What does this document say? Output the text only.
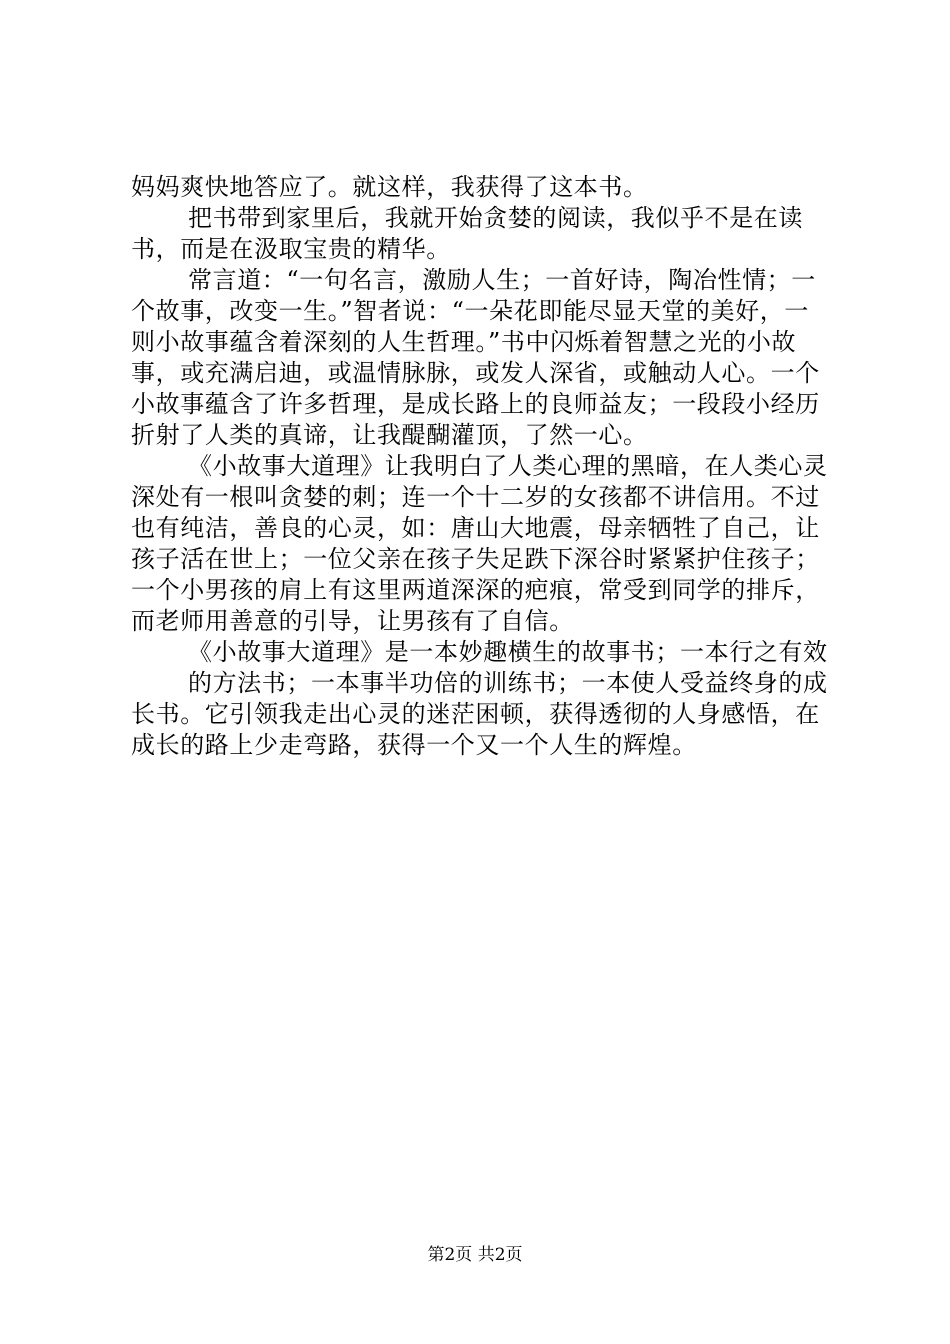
妈妈爽快地答应了。就这样，我获得了这本书。

把书带到家里后，我就开始贪婪的阅读，我似乎不是在读书，而是在汲取宝贵的精华。

常言道：“一句名言，激励人生；一首好诗，陶冶性情；一个故事，改变一生。”智者说：“一朵花即能尽显天堂的美好，一则小故事蕴含着深刻的人生哲理。”书中闪烁着智慧之光的小故事，或充满启迪，或温情脉脉，或发人深省，或触动人心。一个小故事蕴含了许多哲理，是成长路上的良师益友；一段段小经历折射了人类的真谛，让我醍醐灌顶，了然一心。

《小故事大道理》让我明白了人类心理的黑暗，在人类心灵深处有一根叫贪婪的刺；连一个十二岁的女孩都不讲信用。不过也有纯洁，善良的心灵，如：唐山大地震，母亲牺牲了自己，让孩子活在世上；一位父亲在孩子失足跌下深谷时紧紧护住孩子；一个小男孩的肩上有这里两道深深的疤痕，常受到同学的排斥，而老师用善意的引导，让男孩有了自信。

《小故事大道理》是一本妙趣横生的故事书；一本行之有效

的方法书；一本事半功倍的训练书；一本使人受益终身的成长书。它引领我走出心灵的迷茫困顿，获得透彻的人身感悟，在成长的路上少走弯路，获得一个又一个人生的辉煌。

第2页 共2页
